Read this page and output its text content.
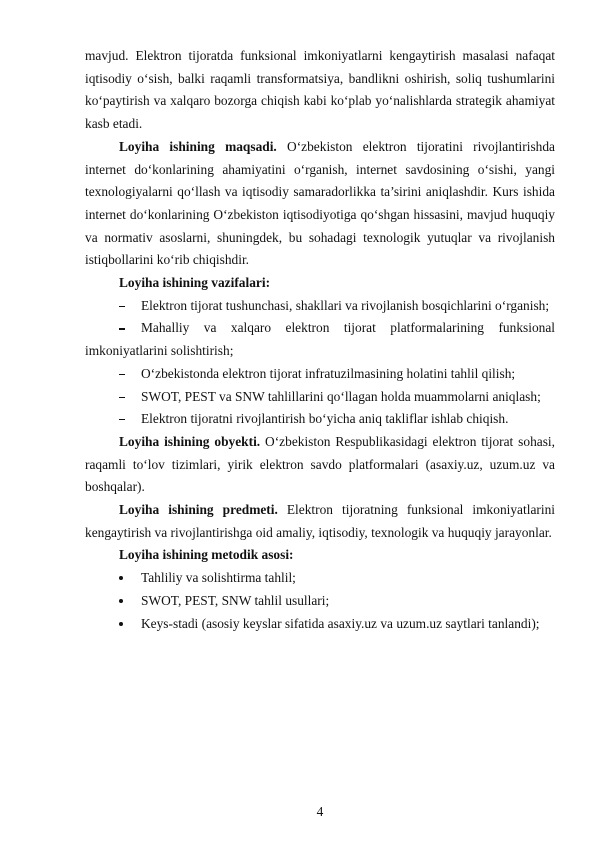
mavjud. Elektron tijoratda funksional imkoniyatlarni kengaytirish masalasi nafaqat iqtisodiy o‘sish, balki raqamli transformatsiya, bandlikni oshirish, soliq tushumlarini ko‘paytirish va xalqaro bozorga chiqish kabi ko‘plab yo‘nalishlarda strategik ahamiyat kasb etadi.

Loyiha ishining maqsadi. O‘zbekiston elektron tijoratini rivojlantirishda internet do‘konlarining ahamiyatini o‘rganish, internet savdosining o‘sishi, yangi texnologiyalarni qo‘llash va iqtisodiy samaradorlikka ta’sirini aniqlashdir. Kurs ishida internet do‘konlarining O‘zbekiston iqtisodiyotiga qo‘shgan hissasini, mavjud huquqiy va normativ asoslarni, shuningdek, bu sohadagi texnologik yutuqlar va rivojlanish istiqbollarini ko‘rib chiqishdir.

Loyiha ishining vazifalari:

Elektron tijorat tushunchasi, shakllari va rivojlanish bosqichlarini o‘rganish;

Mahalliy va xalqaro elektron tijorat platformalarining funksional imkoniyatlarini solishtirish;

O‘zbekistonda elektron tijorat infratuzilmasining holatini tahlil qilish;

SWOT, PEST va SNW tahlillarini qo‘llagan holda muammolarni aniqlash;

Elektron tijoratni rivojlantirish bo‘yicha aniq takliflar ishlab chiqish.

Loyiha ishining obyekti. O‘zbekiston Respublikasidagi elektron tijorat sohasi, raqamli to‘lov tizimlari, yirik elektron savdo platformalari (asaxiy.uz, uzum.uz va boshqalar).

Loyiha ishining predmeti. Elektron tijoratning funksional imkoniyatlarini kengaytirish va rivojlantirishga oid amaliy, iqtisodiy, texnologik va huquqiy jarayonlar.

Loyiha ishining metodik asosi:

Tahliliy va solishtirma tahlil;

SWOT, PEST, SNW tahlil usullari;

Keys-stadi (asosiy keyslar sifatida asaxiy.uz va uzum.uz saytlari tanlandi);

4
